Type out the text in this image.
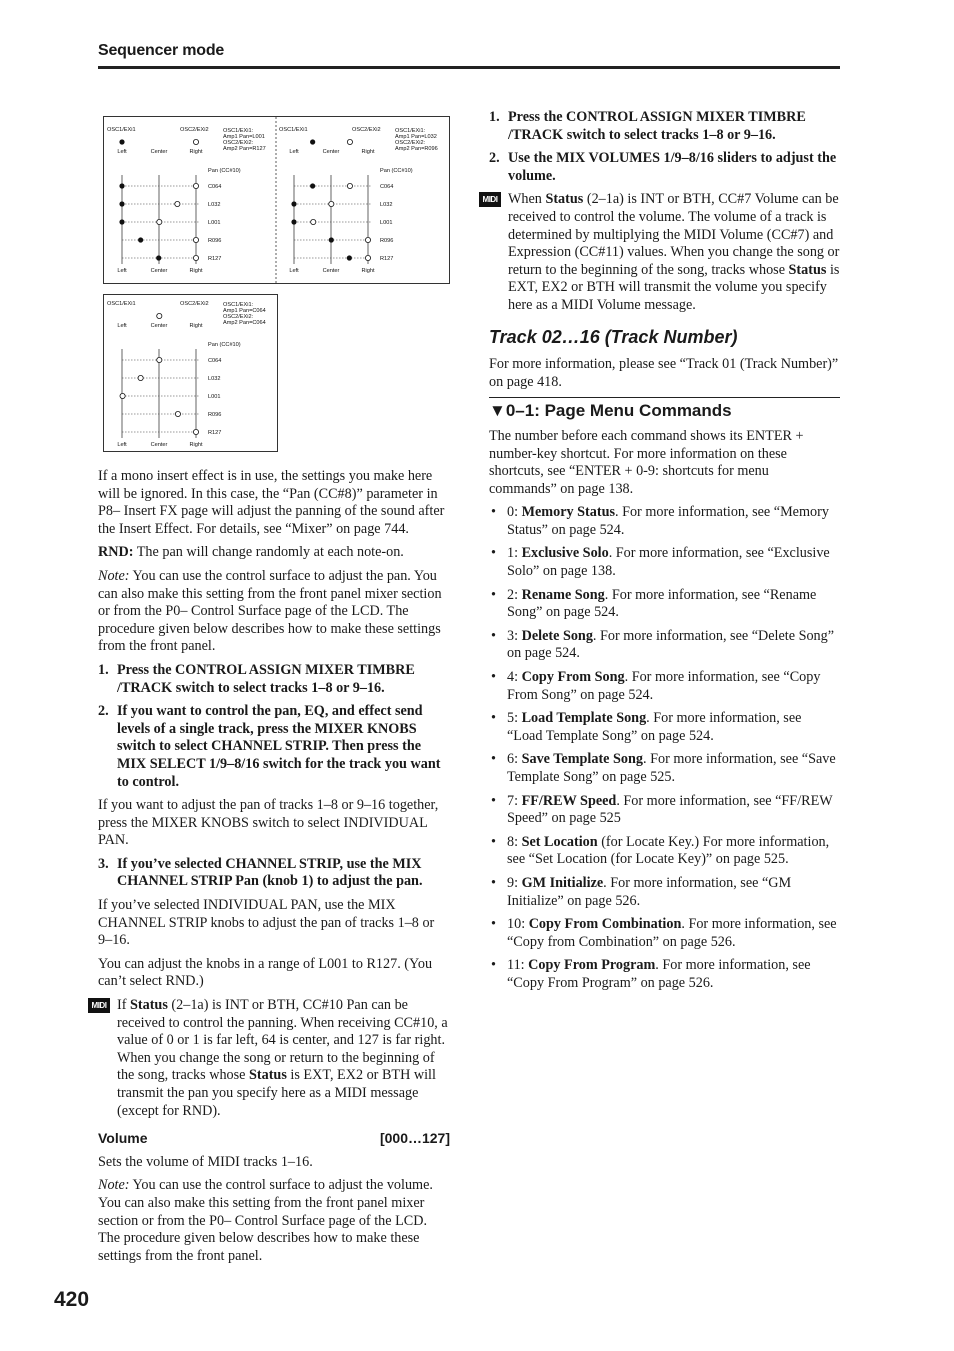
Sequencer mode
OSC1/EXi1	OSC2/EXi2	OSC1/EXi1:
Amp1 Pan=L001
OSC2/EXi2:
Amp2 Pan=R127
Left	Center	Right
Pan (CC#10)
C064
L032
L001
R096
R127
Left	Center	Right
OSC1/EXi1	OSC2/EXi2	OSC1/EXi1:
Amp1 Pan=L032
OSC2/EXi2:
Amp2 Pan=R096
Left	Center	Right
Pan (CC#10)
C064
L032
L001
R096
R127
Left	Center	Right
OSC1/EXi1	OSC2/EXi2	OSC1/EXi1:
Amp1 Pan=C064
OSC2/EXi2:
Amp2 Pan=C064
Left	Center	Right
Pan (CC#10)
C064
L032
L001
R096
R127
Left	Center	Right

If a mono insert effect is in use, the settings you make here will be ignored. In this case, the “Pan (CC#8)” parameter in P8– Insert FX page will adjust the panning of the sound after the Insert Effect. For details, see “Mixer” on page 744.

RND: The pan will change randomly at each note-on.

Note: You can use the control surface to adjust the pan. You can also make this setting from the front panel mixer section or from the P0– Control Surface page of the LCD. The procedure given below describes how to make these settings from the front panel.

1. Press the CONTROL ASSIGN MIXER TIMBRE /TRACK switch to select tracks 1–8 or 9–16.
2. If you want to control the pan, EQ, and effect send levels of a single track, press the MIXER KNOBS switch to select CHANNEL STRIP. Then press the MIX SELECT 1/9–8/16 switch for the track you want to control.

If you want to adjust the pan of tracks 1–8 or 9–16 together, press the MIXER KNOBS switch to select INDIVIDUAL PAN.

3. If you’ve selected CHANNEL STRIP, use the MIX CHANNEL STRIP Pan (knob 1) to adjust the pan.

If you’ve selected INDIVIDUAL PAN, use the MIX CHANNEL STRIP knobs to adjust the pan of tracks 1–8 or 9–16.

You can adjust the knobs in a range of L001 to R127. (You can’t select RND.)

MIDI If Status (2–1a) is INT or BTH, CC#10 Pan can be received to control the panning. When receiving CC#10, a value of 0 or 1 is far left, 64 is center, and 127 is far right. When you change the song or return to the beginning of the song, tracks whose Status is EXT, EX2 or BTH will transmit the pan you specify here as a MIDI message (except for RND).
Volume	[000…127]

Sets the volume of MIDI tracks 1–16.

Note: You can use the control surface to adjust the volume. You can also make this setting from the front panel mixer section or from the P0– Control Surface page of the LCD. The procedure given below describes how to make these settings from the front panel.

1. Press the CONTROL ASSIGN MIXER TIMBRE /TRACK switch to select tracks 1–8 or 9–16.
2. Use the MIX VOLUMES 1/9–8/16 sliders to adjust the volume.
MIDI When Status (2–1a) is INT or BTH, CC#7 Volume can be received to control the volume. The volume of a track is determined by multiplying the MIDI Volume (CC#7) and Expression (CC#11) values. When you change the song or return to the beginning of the song, tracks whose Status is EXT, EX2 or BTH will transmit the volume you specify here as a MIDI Volume message.
Track 02…16 (Track Number)

For more information, please see “Track 01 (Track Number)” on page 418.

▼0–1: Page Menu Commands

The number before each command shows its ENTER + number-key shortcut. For more information on these shortcuts, see “ENTER + 0-9: shortcuts for menu commands” on page 138.

• 0: Memory Status. For more information, see “Memory Status” on page 524.
• 1: Exclusive Solo. For more information, see “Exclusive Solo” on page 138.
• 2: Rename Song. For more information, see “Rename Song” on page 524.
• 3: Delete Song. For more information, see “Delete Song” on page 524.
• 4: Copy From Song. For more information, see “Copy From Song” on page 524.
• 5: Load Template Song. For more information, see “Load Template Song” on page 524.
• 6: Save Template Song. For more information, see “Save Template Song” on page 525.
• 7: FF/REW Speed. For more information, see “FF/REW Speed” on page 525
• 8: Set Location (for Locate Key.) For more information, see “Set Location (for Locate Key)” on page 525.
• 9: GM Initialize. For more information, see “GM Initialize” on page 526.
• 10: Copy From Combination. For more information, see “Copy from Combination” on page 526.
• 11: Copy From Program. For more information, see “Copy From Program” on page 526.
420
